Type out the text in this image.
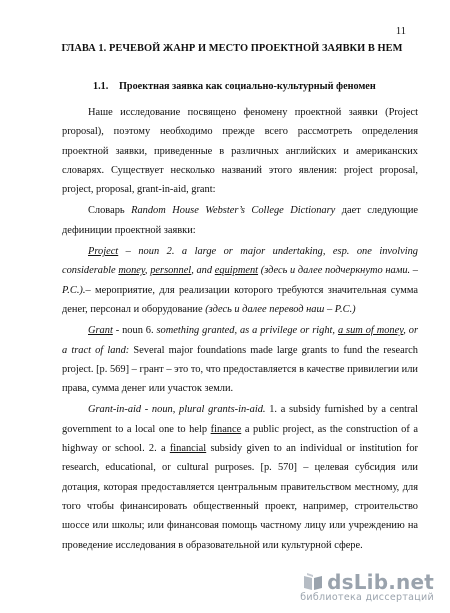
11
ГЛАВА 1. РЕЧЕВОЙ ЖАНР И МЕСТО ПРОЕКТНОЙ ЗАЯВКИ В НЕМ
1.1. Проектная заявка как социально-культурный феномен

Наше исследование посвящено феномену проектной заявки (Project proposal), поэтому необходимо прежде всего рассмотреть определения проектной заявки, приведенные в различных английских и американских словарях. Существует несколько названий этого явления: project proposal, project, proposal, grant-in-aid, grant:

Словарь Random House Webster’s College Dictionary дает следующие дефиниции проектной заявки:

Project – noun 2. a large or major undertaking, esp. one involving considerable money, personnel, and equipment (здесь и далее подчеркнуто нами. – Р.С.).– мероприятие, для реализации которого требуются значительная сумма денег, персонал и оборудование (здесь и далее перевод наш – Р.С.)

Grant - noun 6. something granted, as a privilege or right, a sum of money, or a tract of land: Several major foundations made large grants to fund the research project. [p. 569] – грант – это то, что предоставляется в качестве привилегии или права, сумма денег или участок земли.

Grant-in-aid - noun, plural grants-in-aid. 1. a subsidy furnished by a central government to a local one to help finance a public project, as the construction of a highway or school. 2. a financial subsidy given to an individual or institution for research, educational, or cultural purposes. [p. 570] – целевая субсидия или дотация, которая предоставляется центральным правительством местному, для того чтобы финансировать общественный проект, например, строительство шоссе или школы; или финансовая помощь частному лицу или учреждению на проведение исследования в образовательной или культурной сфере.

dsLib.net
библиотека диссертаций
